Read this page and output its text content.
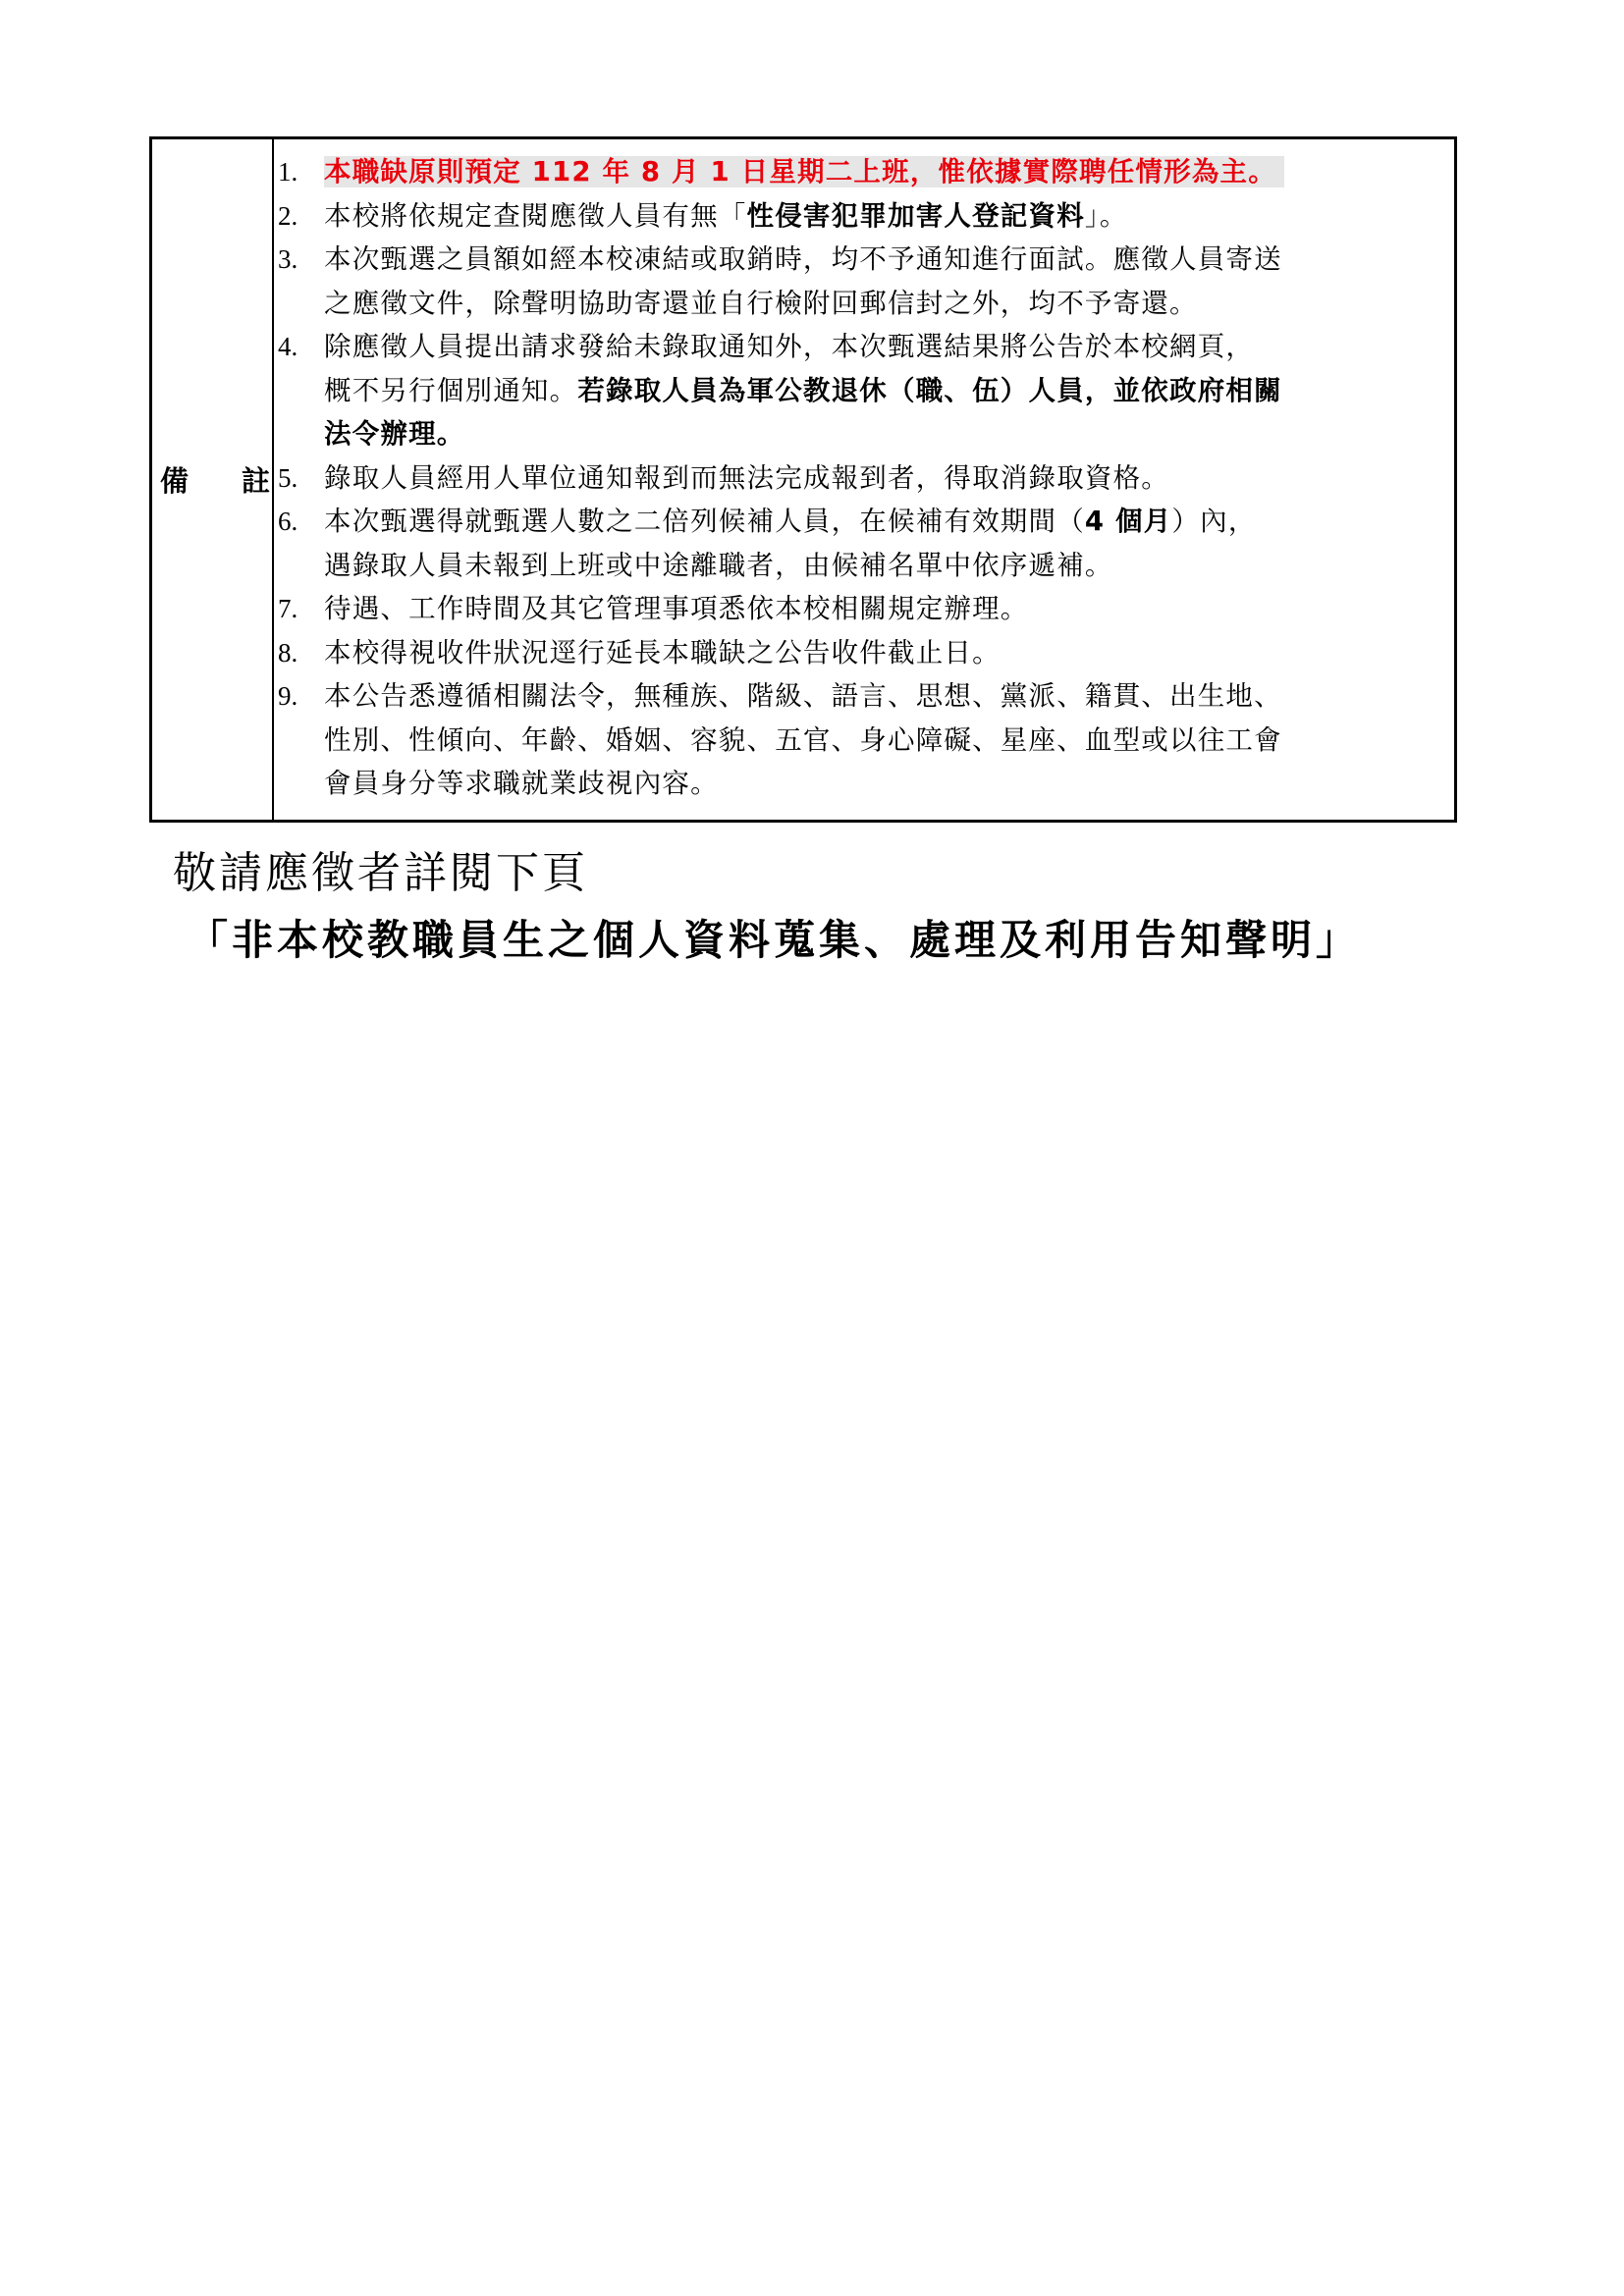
備 註
1. 本職缺原則預定 112 年 8 月 1 日星期二上班，惟依據實際聘任情形為主。
2. 本校將依規定查閱應徵人員有無「性侵害犯罪加害人登記資料」。
3. 本次甄選之員額如經本校凍結或取銷時，均不予通知進行面試。應徵人員寄送
之應徵文件，除聲明協助寄還並自行檢附回郵信封之外，均不予寄還。
4. 除應徵人員提出請求發給未錄取通知外，本次甄選結果將公告於本校網頁，
概不另行個別通知。若錄取人員為軍公教退休（職、伍）人員，並依政府相關
法令辦理。
5. 錄取人員經用人單位通知報到而無法完成報到者，得取消錄取資格。
6. 本次甄選得就甄選人數之二倍列候補人員，在候補有效期間（4 個月）內，
遇錄取人員未報到上班或中途離職者，由候補名單中依序遞補。
7. 待遇、工作時間及其它管理事項悉依本校相關規定辦理。
8. 本校得視收件狀況逕行延長本職缺之公告收件截止日。
9. 本公告悉遵循相關法令，無種族、階級、語言、思想、黨派、籍貫、出生地、
性別、性傾向、年齡、婚姻、容貌、五官、身心障礙、星座、血型或以往工會
會員身分等求職就業歧視內容。
敬請應徵者詳閱下頁
「非本校教職員生之個人資料蒐集、處理及利用告知聲明」
